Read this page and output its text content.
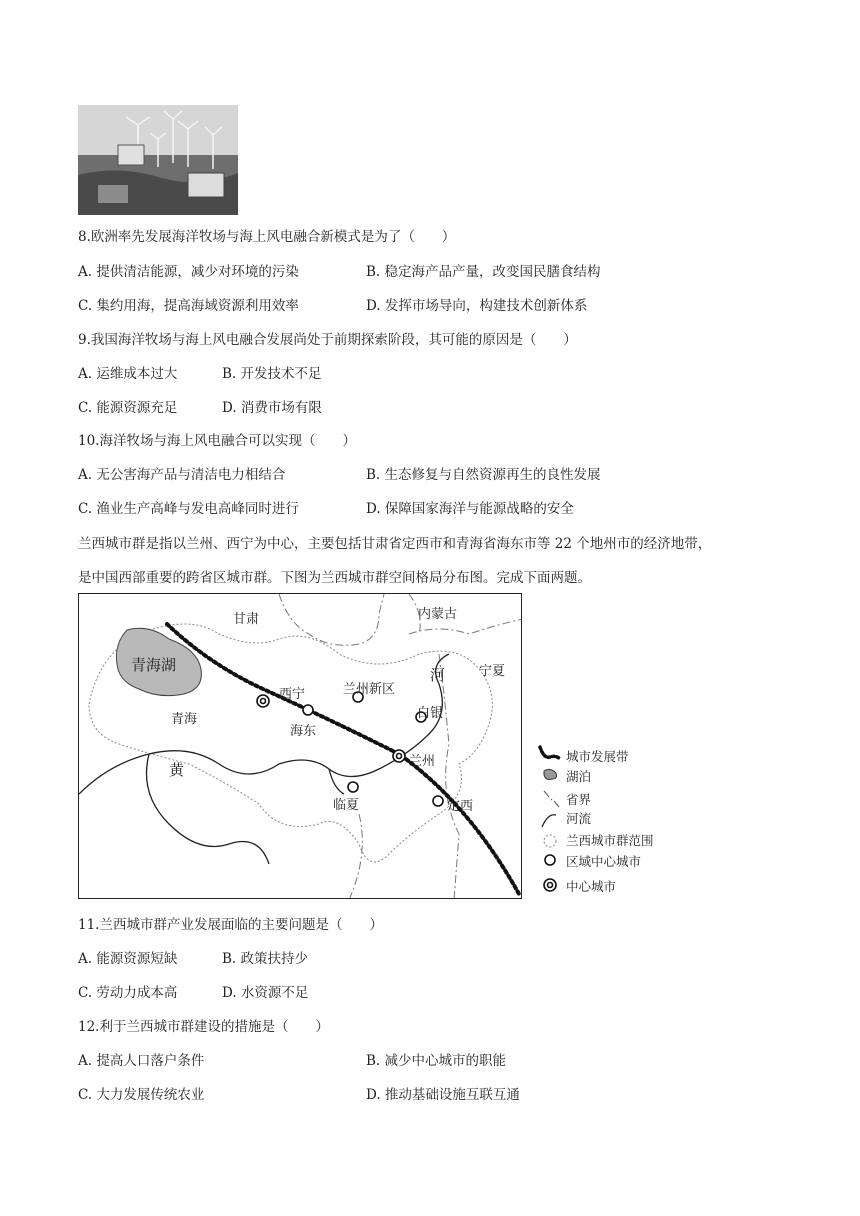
8.欧洲率先发展海洋牧场与海上风电融合新模式是为了（　　）
A. 提供清洁能源，减少对环境的污染	B. 稳定海产品产量，改变国民膳食结构
C. 集约用海，提高海域资源利用效率	D. 发挥市场导向，构建技术创新体系
9.我国海洋牧场与海上风电融合发展尚处于前期探索阶段，其可能的原因是（　　）
A. 运维成本过大	B. 开发技术不足
C. 能源资源充足	D. 消费市场有限
10.海洋牧场与海上风电融合可以实现（　　）
A. 无公害海产品与清洁电力相结合	B. 生态修复与自然资源再生的良性发展
C. 渔业生产高峰与发电高峰同时进行	D. 保障国家海洋与能源战略的安全
兰西城市群是指以兰州、西宁为中心，主要包括甘肃省定西市和青海省海东市等 22 个地州市的经济地带，
是中国西部重要的跨省区城市群。下图为兰西城市群空间格局分布图。完成下面两题。
甘肃	内蒙古
青海湖
西宁	兰州新区
河	宁夏
白银
青海
海东
黄	兰州
临夏	定西
城市发展带
湖泊
省界
河流
兰西城市群范围
区域中心城市
中心城市
11.兰西城市群产业发展面临的主要问题是（　　）
A. 能源资源短缺	B. 政策扶持少
C. 劳动力成本高	D. 水资源不足
12.利于兰西城市群建设的措施是（　　）
A. 提高人口落户条件	B. 减少中心城市的职能
C. 大力发展传统农业	D. 推动基础设施互联互通
